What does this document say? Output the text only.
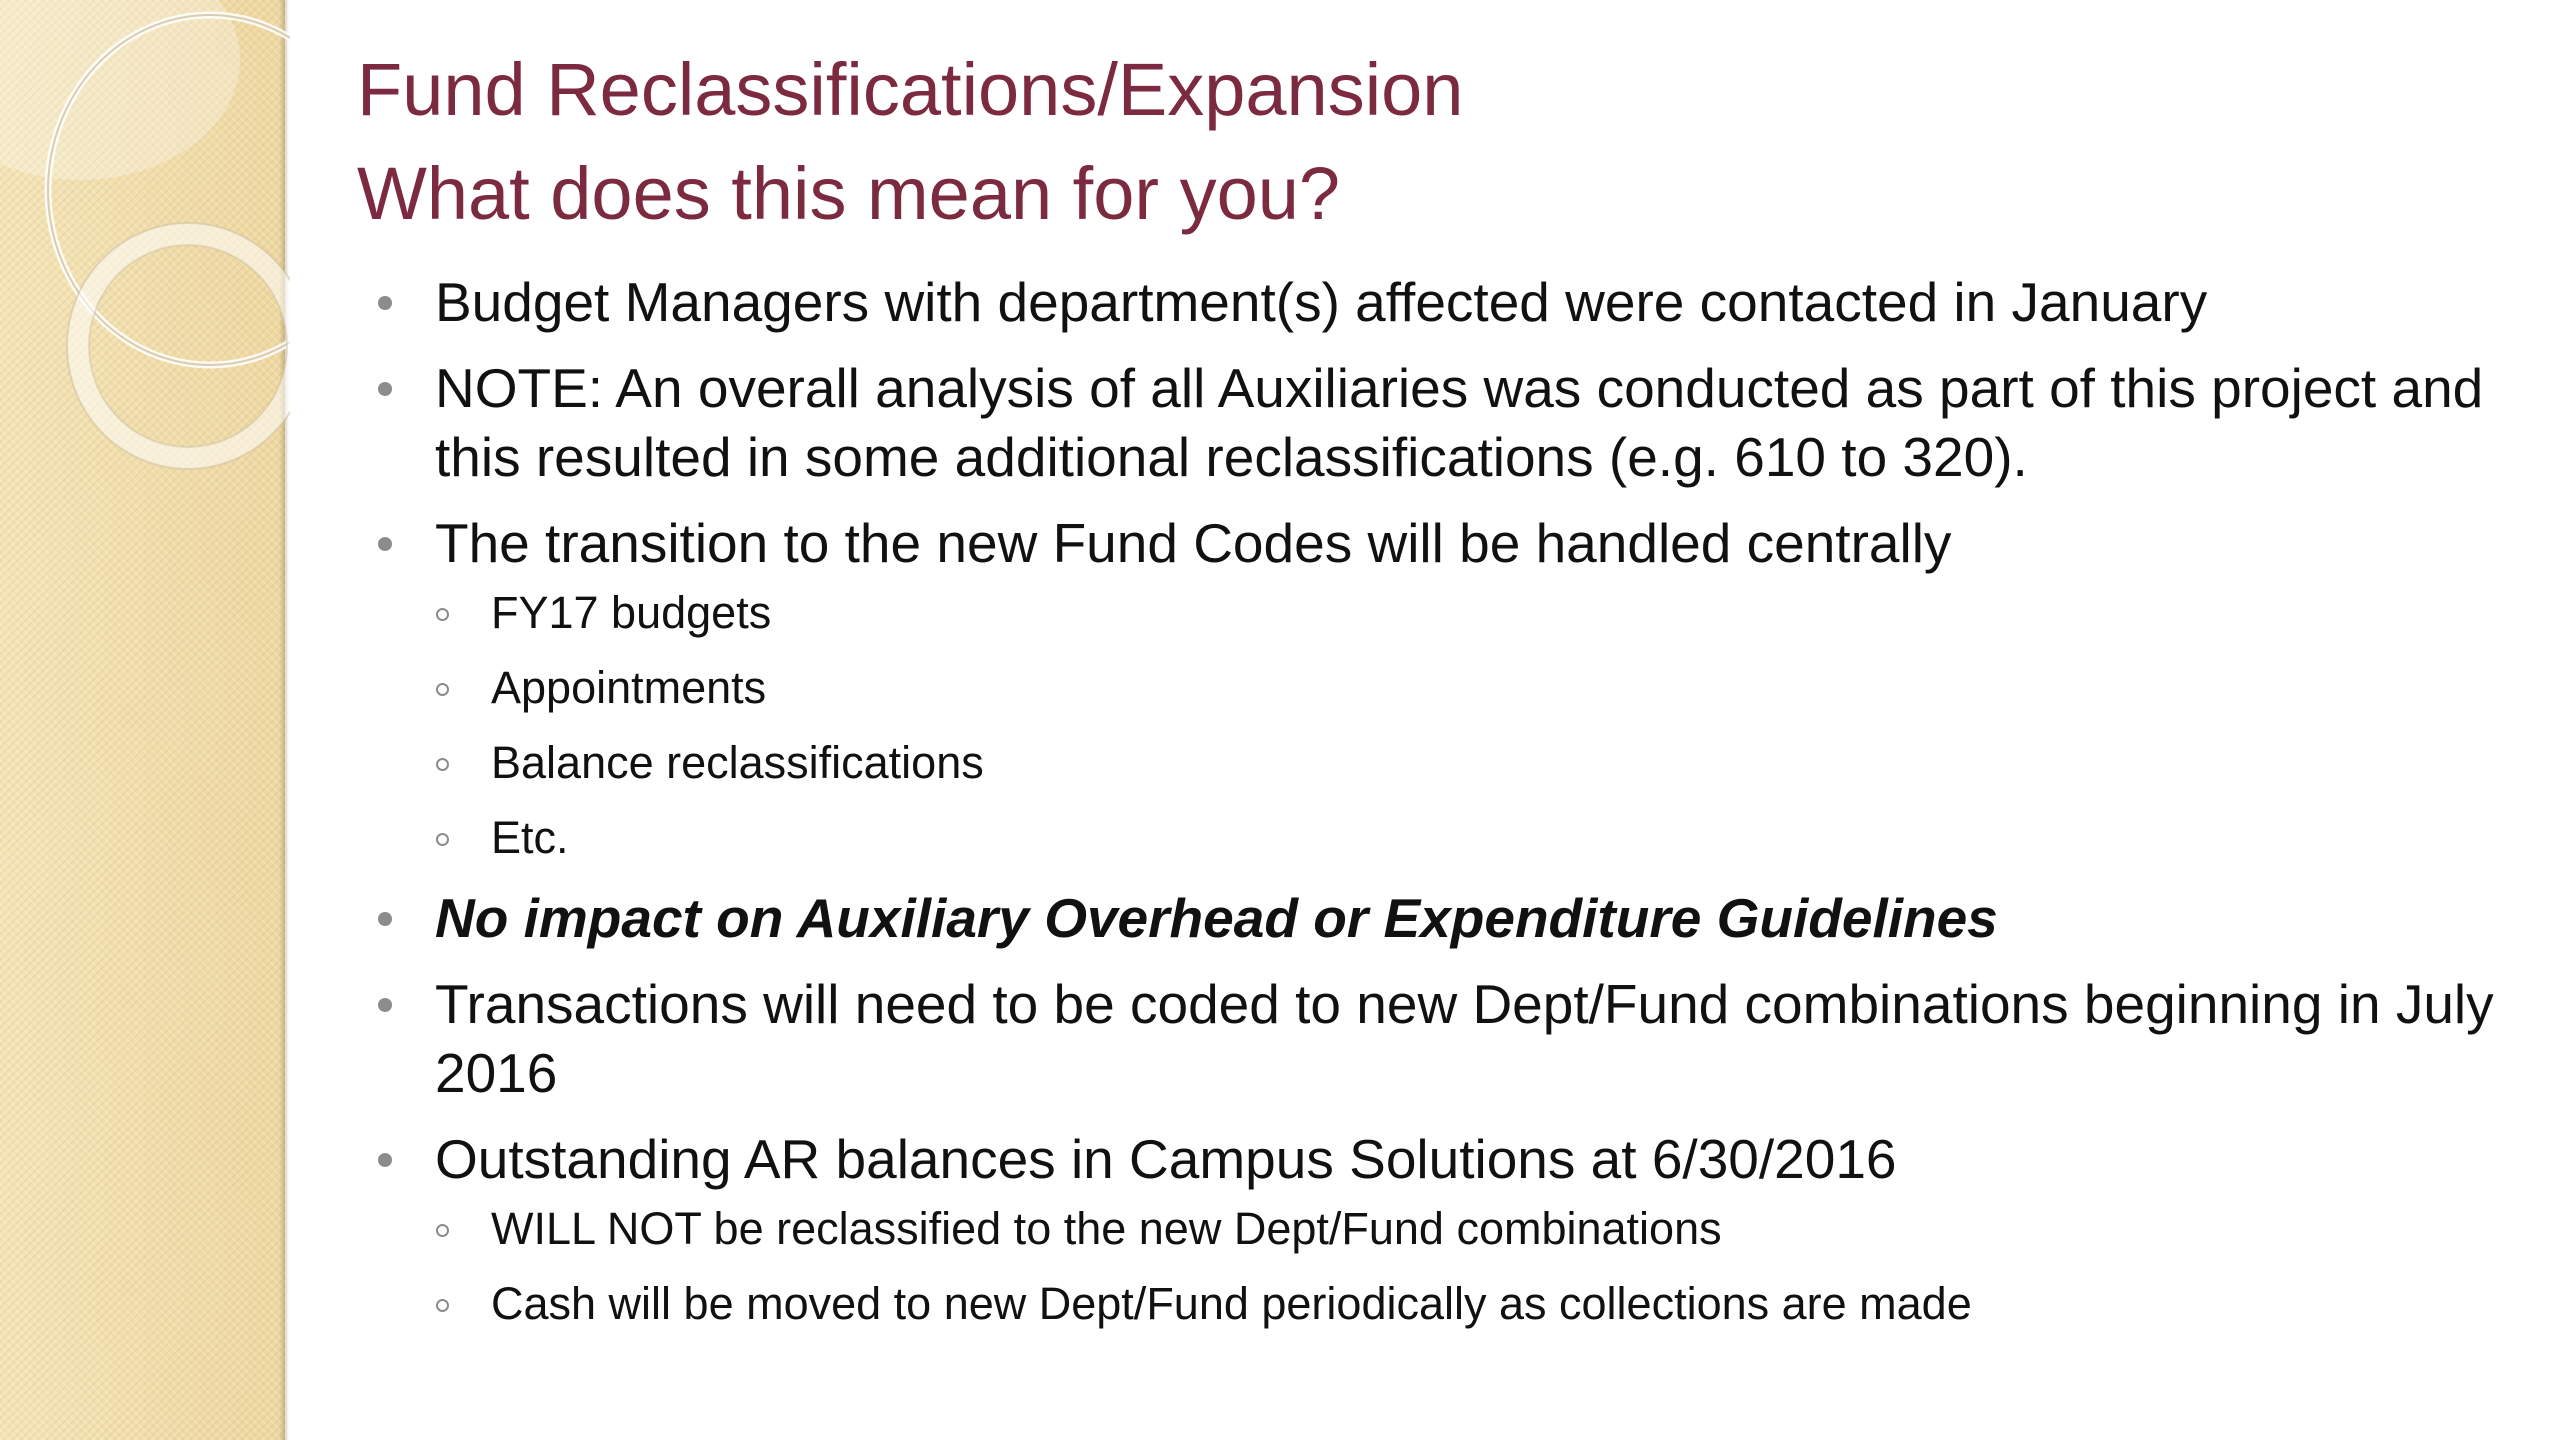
Fund Reclassifications/Expansion
What does this mean for you?
Budget Managers with department(s) affected were contacted in January
NOTE: An overall analysis of all Auxiliaries was conducted as part of this project and this resulted in some additional reclassifications (e.g. 610 to 320).
The transition to the new Fund Codes will be handled centrally
FY17 budgets
Appointments
Balance reclassifications
Etc.
No impact on Auxiliary Overhead or Expenditure Guidelines
Transactions will need to be coded to new Dept/Fund combinations beginning in July 2016
Outstanding AR balances in Campus Solutions at 6/30/2016
WILL NOT be reclassified to the new Dept/Fund combinations
Cash will be moved to new Dept/Fund periodically as collections are made
